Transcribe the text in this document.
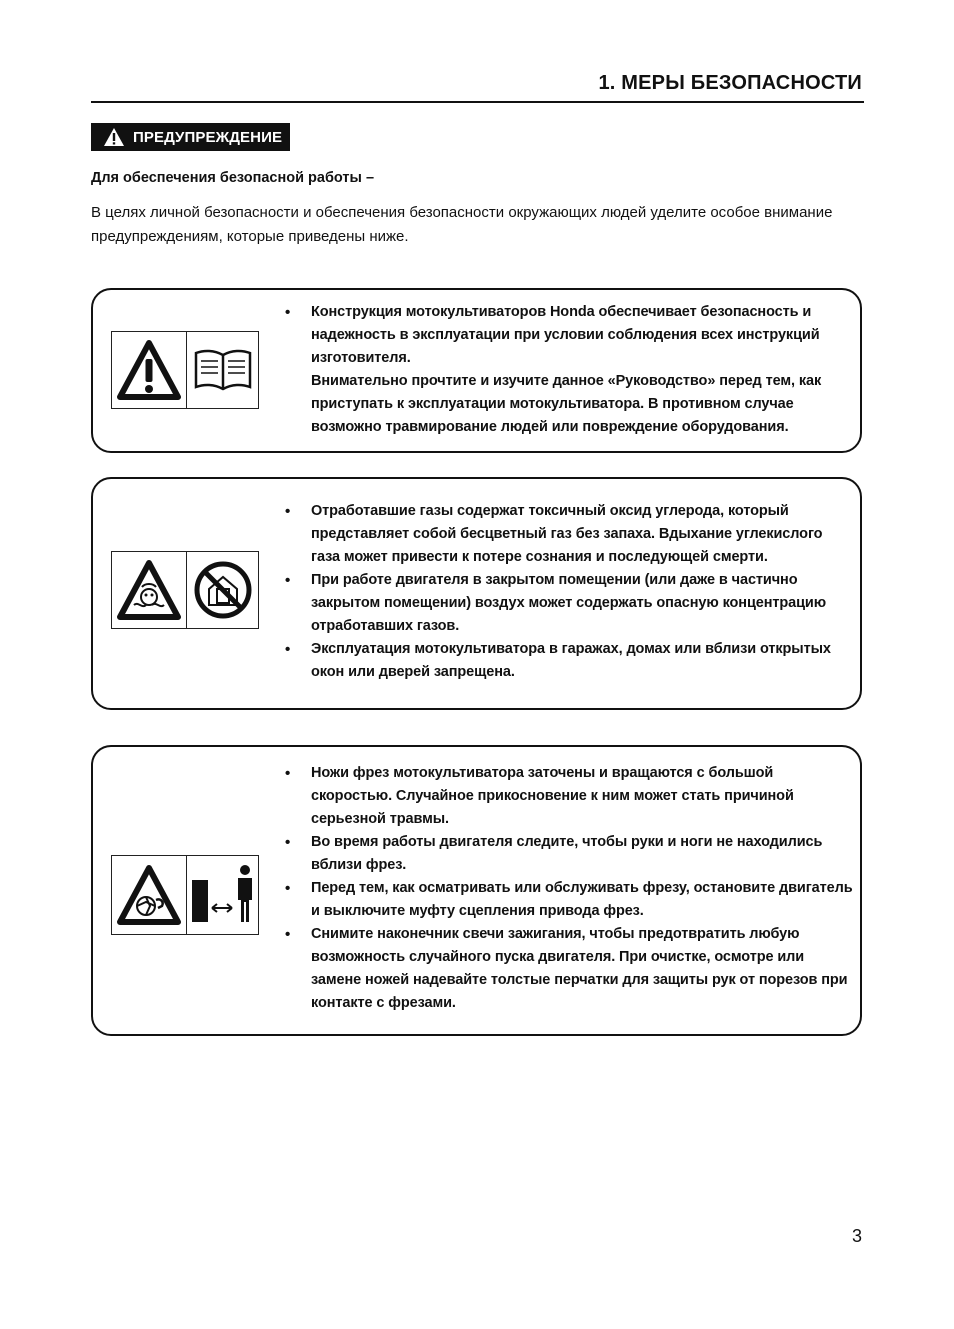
1. МЕРЫ БЕЗОПАСНОСТИ
ПРЕДУПРЕЖДЕНИЕ
Для обеспечения безопасной работы –
В целях личной безопасности и обеспечения безопасности окружающих людей уделите особое внимание предупреждениям, которые приведены ниже.
• Конструкция мотокультиваторов Honda обеспечивает безопасность и надежность в эксплуатации при условии соблюдения всех инструкций изготовителя.
Внимательно прочтите и изучите данное «Руководство» перед тем, как приступать к эксплуатации мотокультиватора. В противном случае возможно травмирование людей или повреждение оборудования.
• Отработавшие газы содержат токсичный оксид углерода, который представляет собой бесцветный газ без запаха. Вдыхание углекислого газа может привести к потере сознания и последующей смерти.
• При работе двигателя в закрытом помещении (или даже в частично закрытом помещении) воздух может содержать опасную концентрацию отработавших газов.
• Эксплуатация мотокультиватора в гаражах, домах или вблизи открытых окон или дверей запрещена.
• Ножи фрез мотокультиватора заточены и вращаются с большой скоростью. Случайное прикосновение к ним может стать причиной серьезной травмы.
• Во время работы двигателя следите, чтобы руки и ноги не находились вблизи фрез.
• Перед тем, как осматривать или обслуживать фрезу, остановите двигатель и выключите муфту сцепления привода фрез.
• Снимите наконечник свечи зажигания, чтобы предотвратить любую возможность случайного пуска двигателя. При очистке, осмотре или замене ножей надевайте толстые перчатки для защиты рук от порезов при контакте с фрезами.
3
